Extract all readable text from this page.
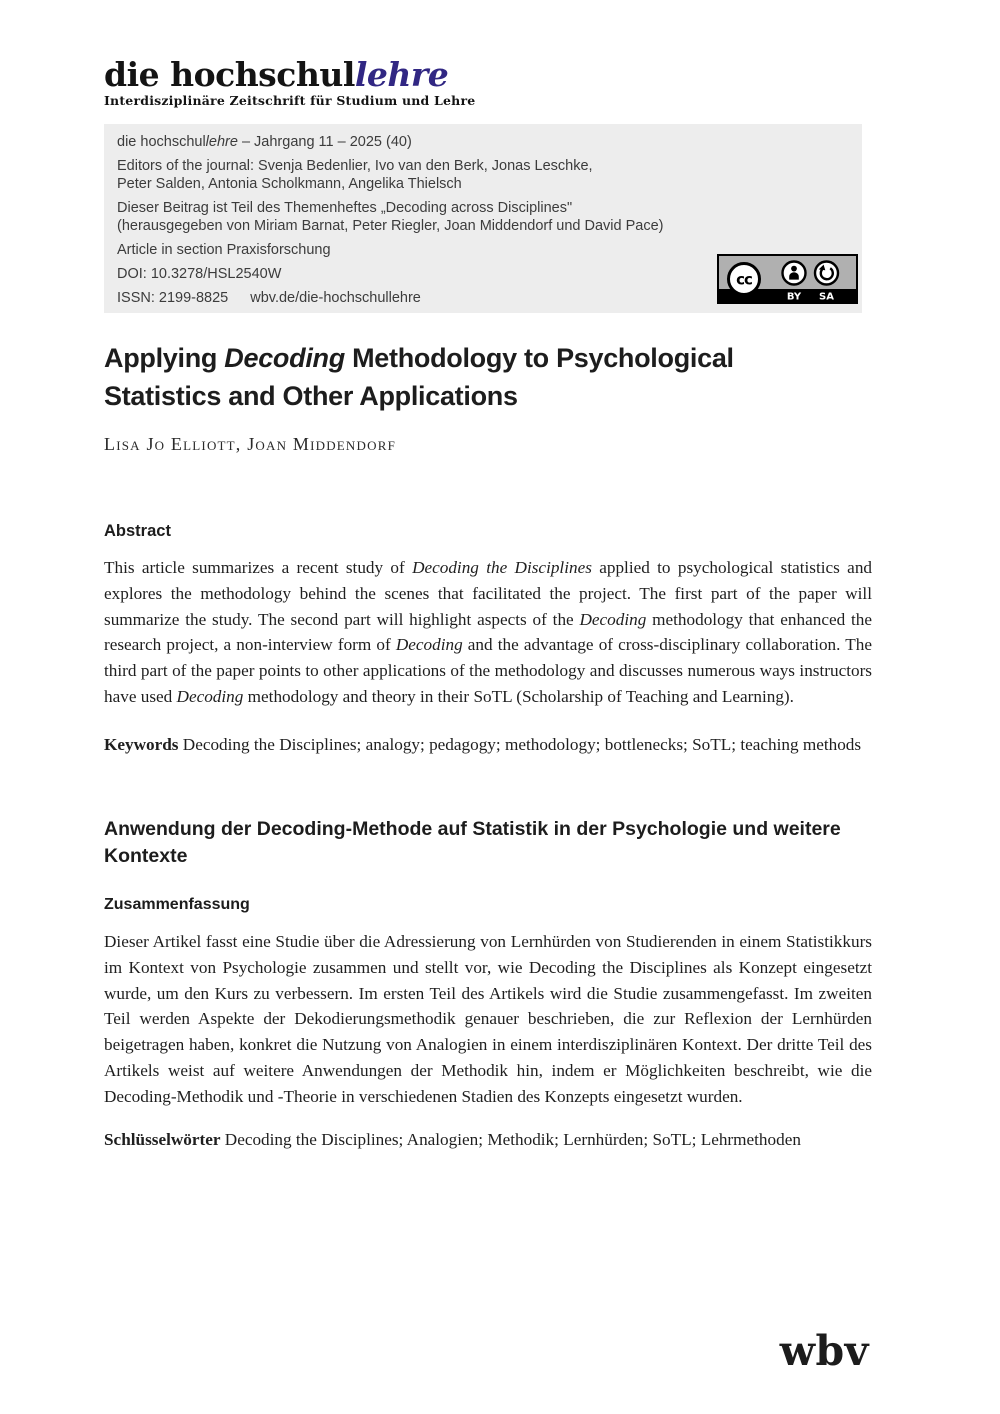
die hochschullehre
Interdisziplinäre Zeitschrift für Studium und Lehre
die hochschullehre – Jahrgang 11 – 2025 (40)
Editors of the journal: Svenja Bedenlier, Ivo van den Berk, Jonas Leschke,
Peter Salden, Antonia Scholkmann, Angelika Thielsch
Dieser Beitrag ist Teil des Themenheftes „Decoding across Disciplines"
(herausgegeben von Miriam Barnat, Peter Riegler, Joan Middendorf und David Pace)
Article in section Praxisforschung
DOI: 10.3278/HSL2540W
ISSN: 2199-8825 wbv.de/die-hochschullehre
cc
BY SA
Applying Decoding Methodology to Psychological Statistics and Other Applications
Lisa Jo Elliott, Joan Middendorf
Abstract

This article summarizes a recent study of Decoding the Disciplines applied to psychological statistics and explores the methodology behind the scenes that facilitated the project. The first part of the paper will summarize the study. The second part will highlight aspects of the Decoding methodology that enhanced the research project, a non-interview form of Decoding and the advantage of cross-disciplinary collaboration. The third part of the paper points to other applications of the methodology and discusses numerous ways instructors have used Decoding methodology and theory in their SoTL (Scholarship of Teaching and Learning).

Keywords Decoding the Disciplines; analogy; pedagogy; methodology; bottlenecks; SoTL; teaching methods

Anwendung der Decoding-Methode auf Statistik in der Psychologie und weitere Kontexte
Zusammenfassung

Dieser Artikel fasst eine Studie über die Adressierung von Lernhürden von Studierenden in einem Statistikkurs im Kontext von Psychologie zusammen und stellt vor, wie Decoding the Disciplines als Konzept eingesetzt wurde, um den Kurs zu verbessern. Im ersten Teil des Artikels wird die Studie zusammengefasst. Im zweiten Teil werden Aspekte der Dekodierungsmethodik genauer beschrieben, die zur Reflexion der Lernhürden beigetragen haben, konkret die Nutzung von Analogien in einem interdisziplinären Kontext. Der dritte Teil des Artikels weist auf weitere Anwendungen der Methodik hin, indem er Möglichkeiten beschreibt, wie die Decoding-Methodik und -Theorie in verschiedenen Stadien des Konzepts eingesetzt wurden.

Schlüsselwörter Decoding the Disciplines; Analogien; Methodik; Lernhürden; SoTL; Lehrmethoden

wbv
